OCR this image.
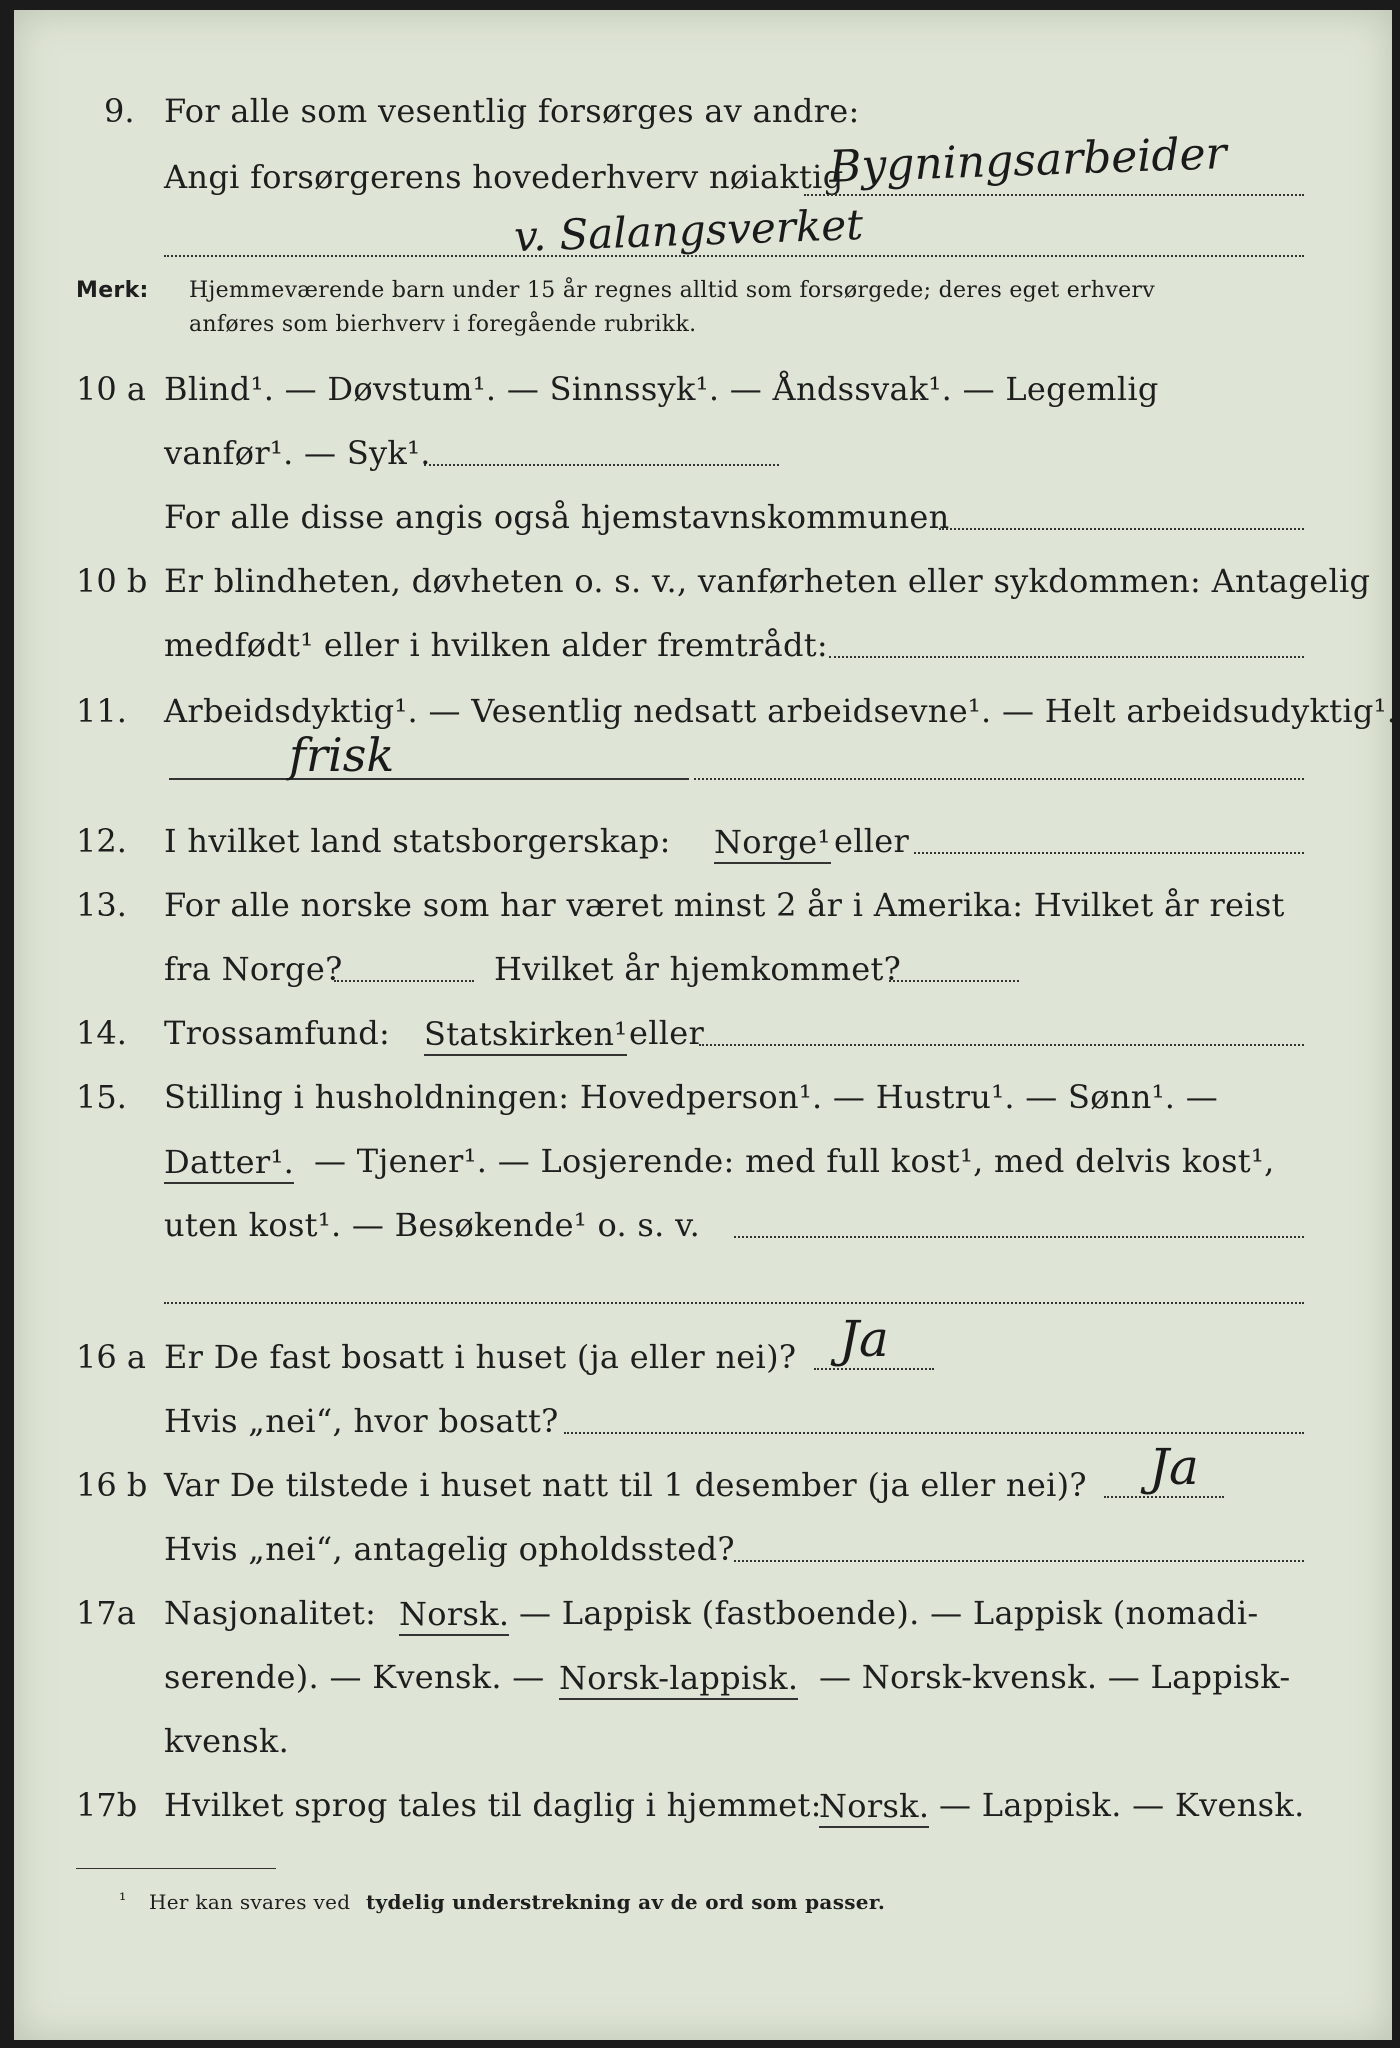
9. For alle som vesentlig forsørges av andre:
Angi forsørgerens hovederhverv nøiaktig
Bygningsarbeider
v. Salangsverket
Merk: Hjemmeværende barn under 15 år regnes alltid som forsørgede; deres eget erhverv
anføres som bierhverv i foregående rubrikk.
10 a Blind¹. — Døvstum¹. — Sinnssyk¹. — Åndssvak¹. — Legemlig
vanfør¹. — Syk¹.
For alle disse angis også hjemstavnskommunen
10 b Er blindheten, døvheten o. s. v., vanførheten eller sykdommen: Antagelig
medfødt¹ eller i hvilken alder fremtrådt:
11. Arbeidsdyktig¹. — Vesentlig nedsatt arbeidsevne¹. — Helt arbeidsudyktig¹.
frisk
12. I hvilket land statsborgerskap: Norge¹ eller
13. For alle norske som har været minst 2 år i Amerika: Hvilket år reist
fra Norge?	Hvilket år hjemkommet?
14. Trossamfund: Statskirken¹ eller
15. Stilling i husholdningen: Hovedperson¹. — Hustru¹. — Sønn¹. —
Datter¹. — Tjener¹. — Losjerende: med full kost¹, med delvis kost¹,
uten kost¹. — Besøkende¹ o. s. v.
16 a Er De fast bosatt i huset (ja eller nei)? Ja
Hvis „nei“, hvor bosatt?
16 b Var De tilstede i huset natt til 1 desember (ja eller nei)? Ja
Hvis „nei“, antagelig opholdssted?
17a Nasjonalitet: Norsk. — Lappisk (fastboende). — Lappisk (nomadi-
serende). — Kvensk. — Norsk-lappisk. — Norsk-kvensk. — Lappisk-
kvensk.
17b Hvilket sprog tales til daglig i hjemmet:
Norsk. — Lappisk. — Kvensk.
¹ Her kan svares ved tydelig understrekning av de ord som passer.
